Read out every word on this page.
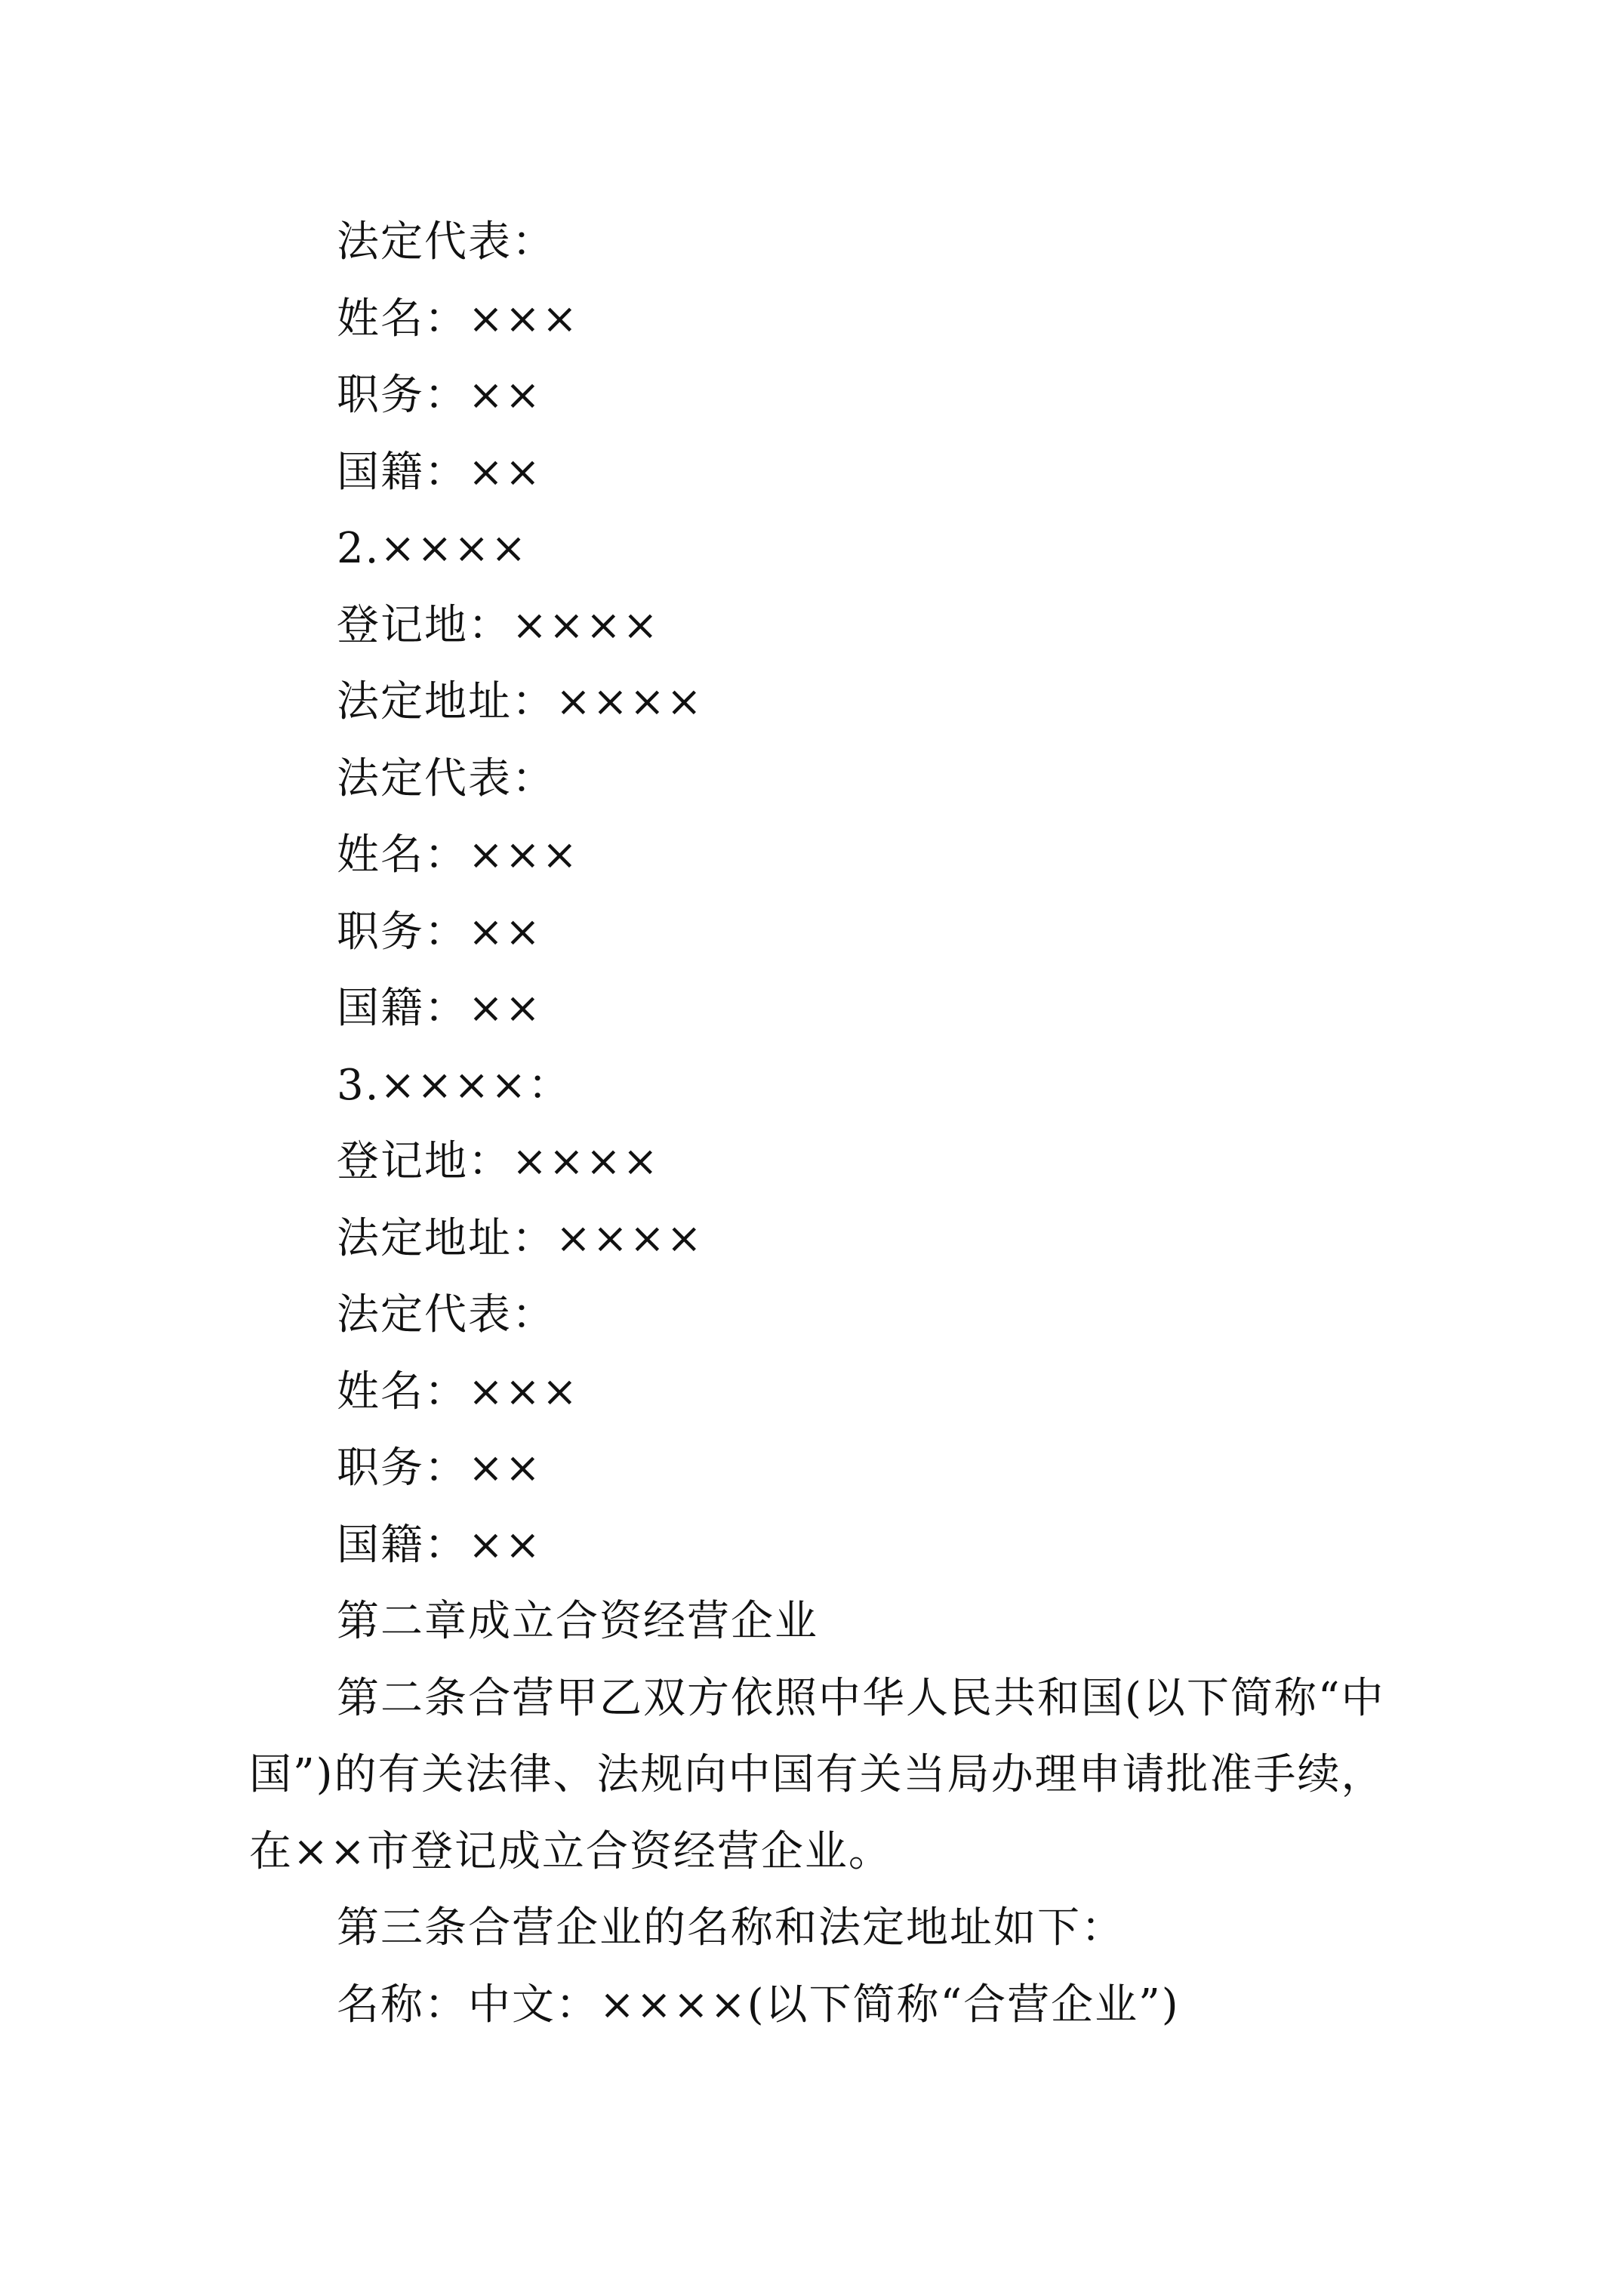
法定代表：
姓名：×××
职务：××
国籍：××
2.××××
登记地：××××
法定地址：××××
法定代表：
姓名：×××
职务：××
国籍：××
3.××××：
登记地：××××
法定地址：××××
法定代表：
姓名：×××
职务：××
国籍：××
第二章成立合资经营企业
第二条合营甲乙双方依照中华人民共和国(以下简称“中国”)的有关法律、法规向中国有关当局办理申请批准手续，在××市登记成立合资经营企业。
第三条合营企业的名称和法定地址如下：
名称：中文：××××(以下简称“合营企业”)
